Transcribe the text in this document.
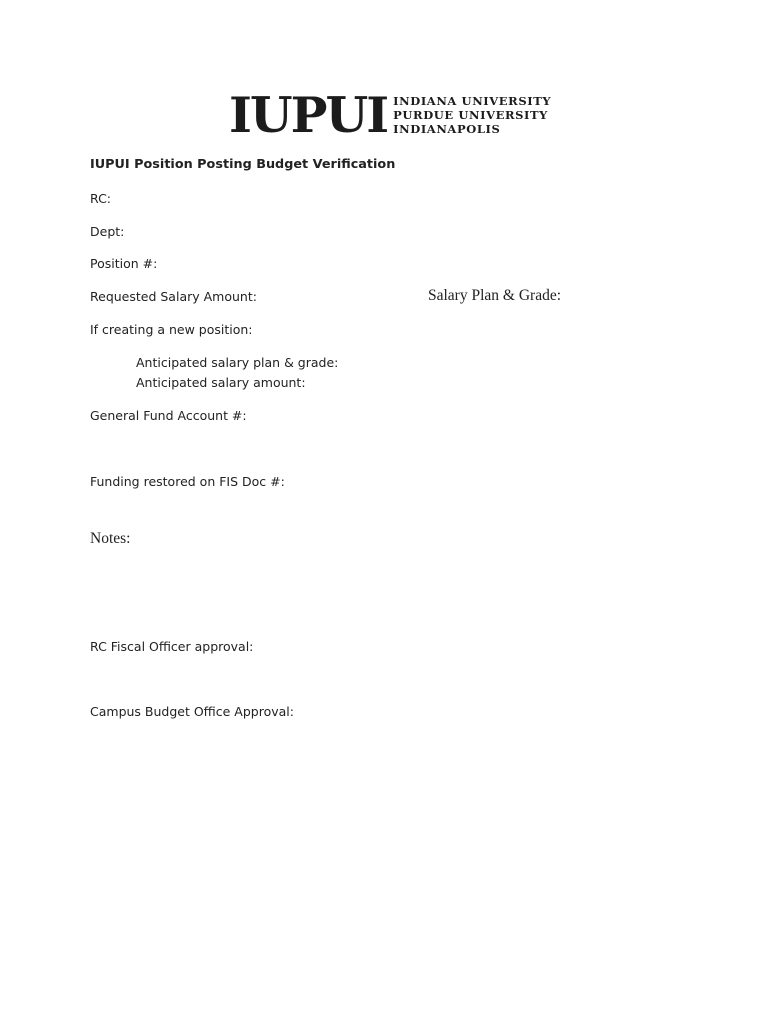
IUPUI INDIANA UNIVERSITY
PURDUE UNIVERSITY
INDIANAPOLIS
IUPUI Position Posting Budget Verification
RC:
Dept:
Position #:
Requested Salary Amount:	Salary Plan & Grade:
If creating a new position:
Anticipated salary plan & grade:
Anticipated salary amount:
General Fund Account #:
Funding restored on FIS Doc #:
Notes:
RC Fiscal Officer approval:
Campus Budget Office Approval:
